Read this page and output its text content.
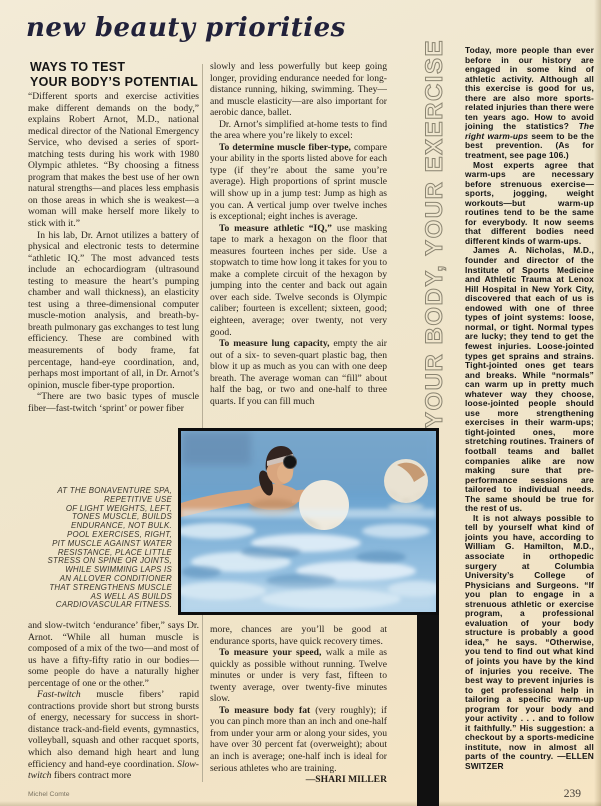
new beauty priorities
WAYS TO TEST
YOUR BODY’S POTENTIAL

“Different sports and exercise activities make different demands on the body,” explains Robert Arnot, M.D., national medical director of the National Emergency Service, who devised a series of sport-matching tests during his work with 1980 Olympic athletes. “By choosing a fitness program that makes the best use of her own natural strengths—and places less emphasis on those areas in which she is weakest—a woman will make herself more likely to stick with it.”

In his lab, Dr. Arnot utilizes a battery of physical and electronic tests to determine “athletic IQ.” The most advanced tests include an echocardiogram (ultrasound testing to measure the heart’s pumping chamber and wall thickness), an elasticity test using a three-dimensional computer muscle-motion analysis, and breath-by-breath pulmonary gas exchanges to test lung efficiency. These are combined with measurements of body frame, fat percentage, hand-eye coordination, and, perhaps most important of all, in Dr. Arnot’s opinion, muscle fiber-type proportion.

“There are two basic types of muscle fiber—fast-twitch ‘sprint’ or power fiber

AT THE BONAVENTURE SPA,
REPETITIVE USE
OF LIGHT WEIGHTS, LEFT,
TONES MUSCLE, BUILDS
ENDURANCE, NOT BULK.
POOL EXERCISES, RIGHT,
PIT MUSCLE AGAINST WATER
RESISTANCE, PLACE LITTLE
STRESS ON SPINE OR JOINTS,
WHILE SWIMMING LAPS IS
AN ALLOVER CONDITIONER
THAT STRENGTHENS MUSCLE
AS WELL AS BUILDS
CARDIOVASCULAR FITNESS.

and slow-twitch ‘endurance’ fiber,” says Dr. Arnot. “While all human muscle is composed of a mix of the two—and most of us have a fifty-fifty ratio in our bodies—some people do have a naturally higher percentage of one or the other.”

Fast-twitch muscle fibers’ rapid contractions provide short but strong bursts of energy, necessary for success in short-distance track-and-field events, gymnastics, volleyball, squash and other racquet sports, which also demand high heart and lung efficiency and hand-eye coordination. Slow-twitch fibers contract more

slowly and less powerfully but keep going longer, providing endurance needed for long-distance running, hiking, swimming. They—and muscle elasticity—are also important for aerobic dance, ballet.

Dr. Arnot’s simplified at-home tests to find the area where you’re likely to excel:

To determine muscle fiber-type, compare your ability in the sports listed above for each type (if they’re about the same you’re average). High proportions of sprint muscle will show up in a jump test: Jump as high as you can. A vertical jump over twelve inches is exceptional; eight inches is average.

To measure athletic “IQ,” use masking tape to mark a hexagon on the floor that measures fourteen inches per side. Use a stopwatch to time how long it takes for you to make a complete circuit of the hexagon by jumping into the center and back out again over each side. Twelve seconds is Olympic caliber; fourteen is excellent; sixteen, good; eighteen, average; over twenty, not very good.

To measure lung capacity, empty the air out of a six- to seven-quart plastic bag, then blow it up as much as you can with one deep breath. The average woman can “fill” about half the bag, or two and one-half to three quarts. If you can fill much

more, chances are you’ll be good at endurance sports, have quick recovery times.

To measure your speed, walk a mile as quickly as possible without running. Twelve minutes or under is very fast, fifteen to twenty average, over twenty-five minutes slow.

To measure body fat (very roughly); if you can pinch more than an inch and one-half from under your arm or along your sides, you have over 30 percent fat (overweight); about an inch is average; one-half inch is ideal for serious athletes who are training.
—SHARI MILLER

YOUR BODY, YOUR EXERCISE	Today, more people than ever before in our history are engaged in some kind of athletic activity. Although all this exercise is good for us, there are also more sports-related injuries than there were ten years ago. How to avoid joining the statistics? The right warm-ups seem to be the best prevention. (As for treatment, see page 106.)

Most experts agree that warm-ups are necessary before strenuous exercise—sports, jogging, weight workouts—but warm-up routines tend to be the same for everybody. It now seems that different bodies need different kinds of warm-ups.

James A. Nicholas, M.D., founder and director of the Institute of Sports Medicine and Athletic Trauma at Lenox Hill Hospital in New York City, discovered that each of us is endowed with one of three types of joint systems: loose, normal, or tight. Normal types are lucky; they tend to get the fewest injuries. Loose-jointed types get sprains and strains. Tight-jointed ones get tears and breaks. While “normals” can warm up in pretty much whatever way they choose, loose-jointed people should use more strengthening exercises in their warm-ups; tight-jointed ones, more stretching routines. Trainers of football teams and ballet companies alike are now making sure that pre-performance sessions are tailored to individual needs. The same should be true for the rest of us.

It is not always possible to tell by yourself what kind of joints you have, according to William G. Hamilton, M.D., associate in orthopedic surgery at Columbia University’s College of Physicians and Surgeons. “If you plan to engage in a strenuous athletic or exercise program, a professional evaluation of your body structure is probably a good idea,” he says. “Otherwise, you tend to find out what kind of joints you have by the kind of injuries you receive. The best way to prevent injuries is to get professional help in tailoring a specific warm-up program for your body and your activity . . . and to follow it faithfully.” His suggestion: a checkout by a sports-medicine institute, now in almost all parts of the country. —ELLEN SWITZER

Michel Comte	239
